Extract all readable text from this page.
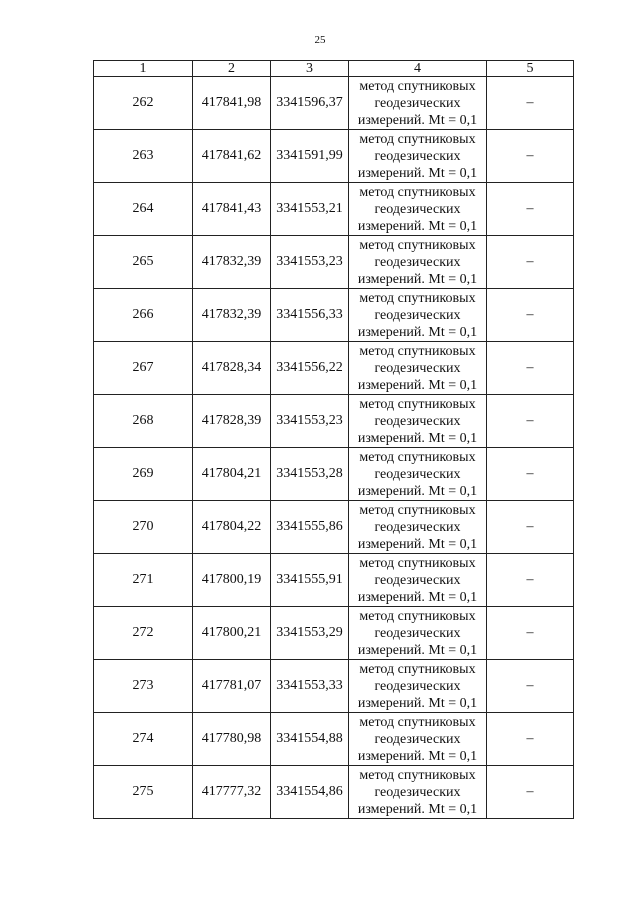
25
1	2	3	4	5
262	417841,98	3341596,37	метод спутниковых
геодезических
измерений. Mt = 0,1	–
263	417841,62	3341591,99	метод спутниковых
геодезических
измерений. Mt = 0,1	–
264	417841,43	3341553,21	метод спутниковых
геодезических
измерений. Mt = 0,1	–
265	417832,39	3341553,23	метод спутниковых
геодезических
измерений. Mt = 0,1	–
266	417832,39	3341556,33	метод спутниковых
геодезических
измерений. Mt = 0,1	–
267	417828,34	3341556,22	метод спутниковых
геодезических
измерений. Mt = 0,1	–
268	417828,39	3341553,23	метод спутниковых
геодезических
измерений. Mt = 0,1	–
269	417804,21	3341553,28	метод спутниковых
геодезических
измерений. Mt = 0,1	–
270	417804,22	3341555,86	метод спутниковых
геодезических
измерений. Mt = 0,1	–
271	417800,19	3341555,91	метод спутниковых
геодезических
измерений. Mt = 0,1	–
272	417800,21	3341553,29	метод спутниковых
геодезических
измерений. Mt = 0,1	–
273	417781,07	3341553,33	метод спутниковых
геодезических
измерений. Mt = 0,1	–
274	417780,98	3341554,88	метод спутниковых
геодезических
измерений. Mt = 0,1	–
275	417777,32	3341554,86	метод спутниковых
геодезических
измерений. Mt = 0,1	–
